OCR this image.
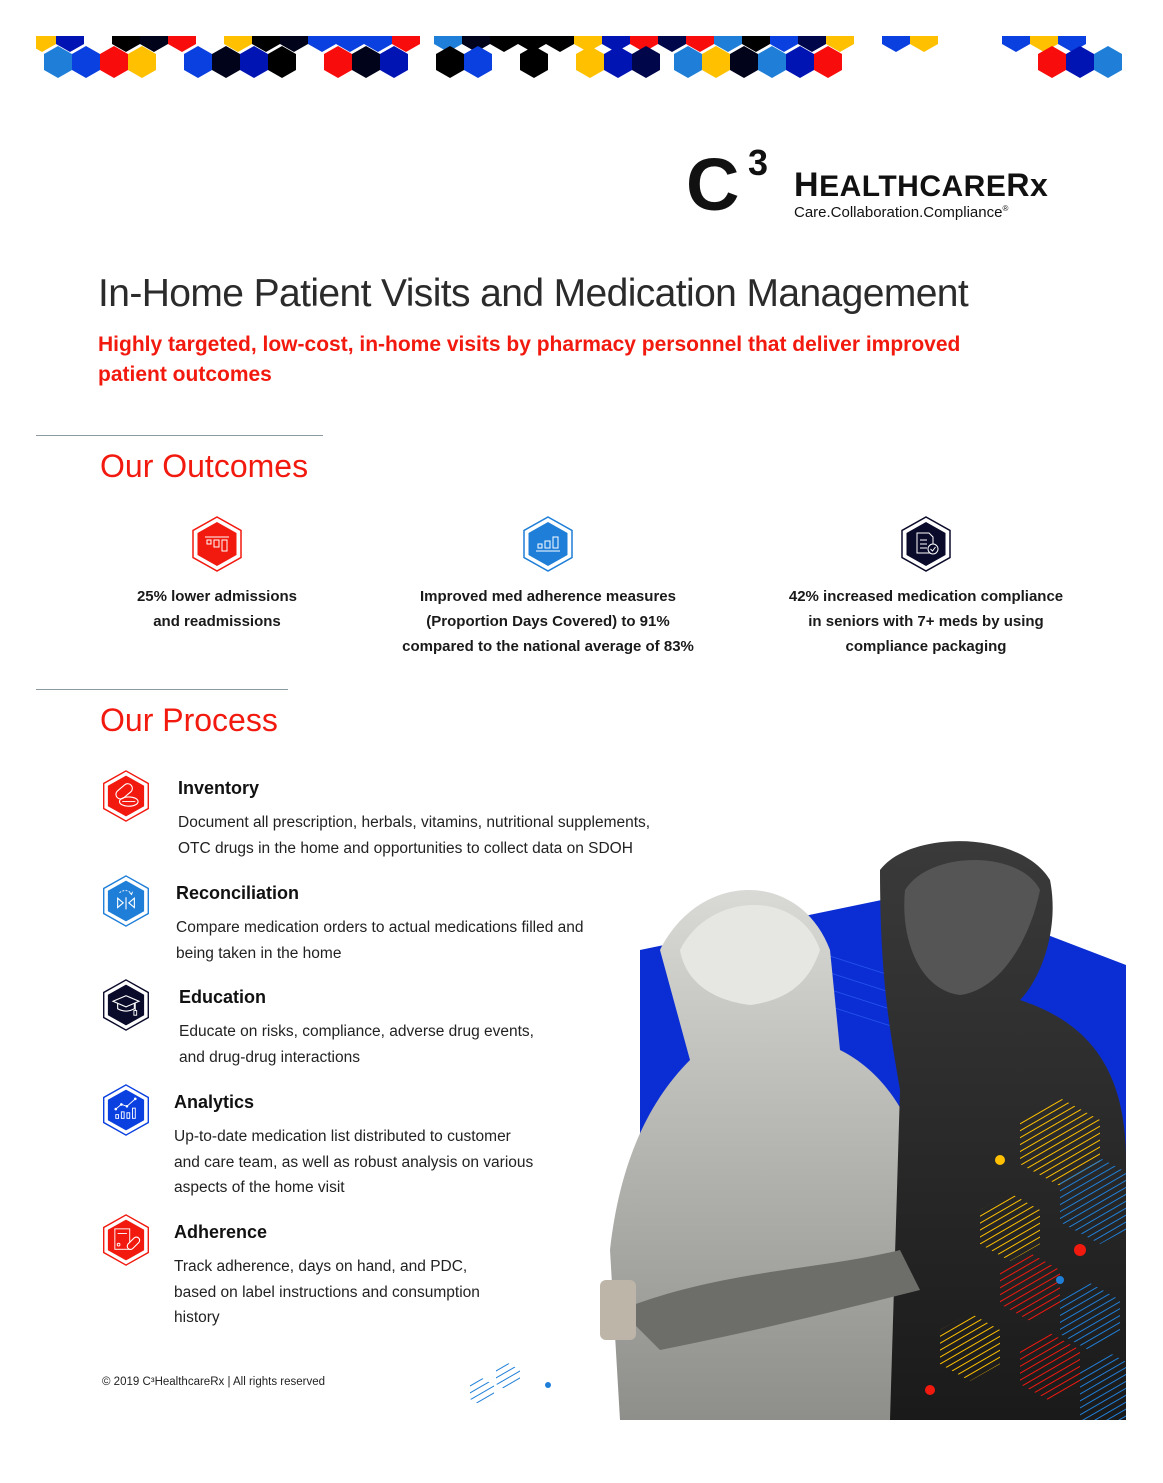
C 3
HEALTHCARERx
Care.Collaboration.Compliance®
In-Home Patient Visits and Medication Management

Highly targeted, low-cost, in-home visits by pharmacy personnel that deliver improved patient outcomes

Our Outcomes
25% lower admissions
and readmissions
Improved med adherence measures
(Proportion Days Covered) to 91%
compared to the national average of 83%
42% increased medication compliance
in seniors with 7+ meds by using
compliance packaging
Our Process
Inventory
Document all prescription, herbals, vitamins, nutritional supplements,
OTC drugs in the home and opportunities to collect data on SDOH
Reconciliation
Compare medication orders to actual medications filled and
being taken in the home
Education
Educate on risks, compliance, adverse drug events,
and drug-drug interactions
Analytics
Up-to-date medication list distributed to customer
and care team, as well as robust analysis on various
aspects of the home visit
Adherence
Track adherence, days on hand, and PDC,
based on label instructions and consumption
history
© 2019 C³HealthcareRx | All rights reserved
